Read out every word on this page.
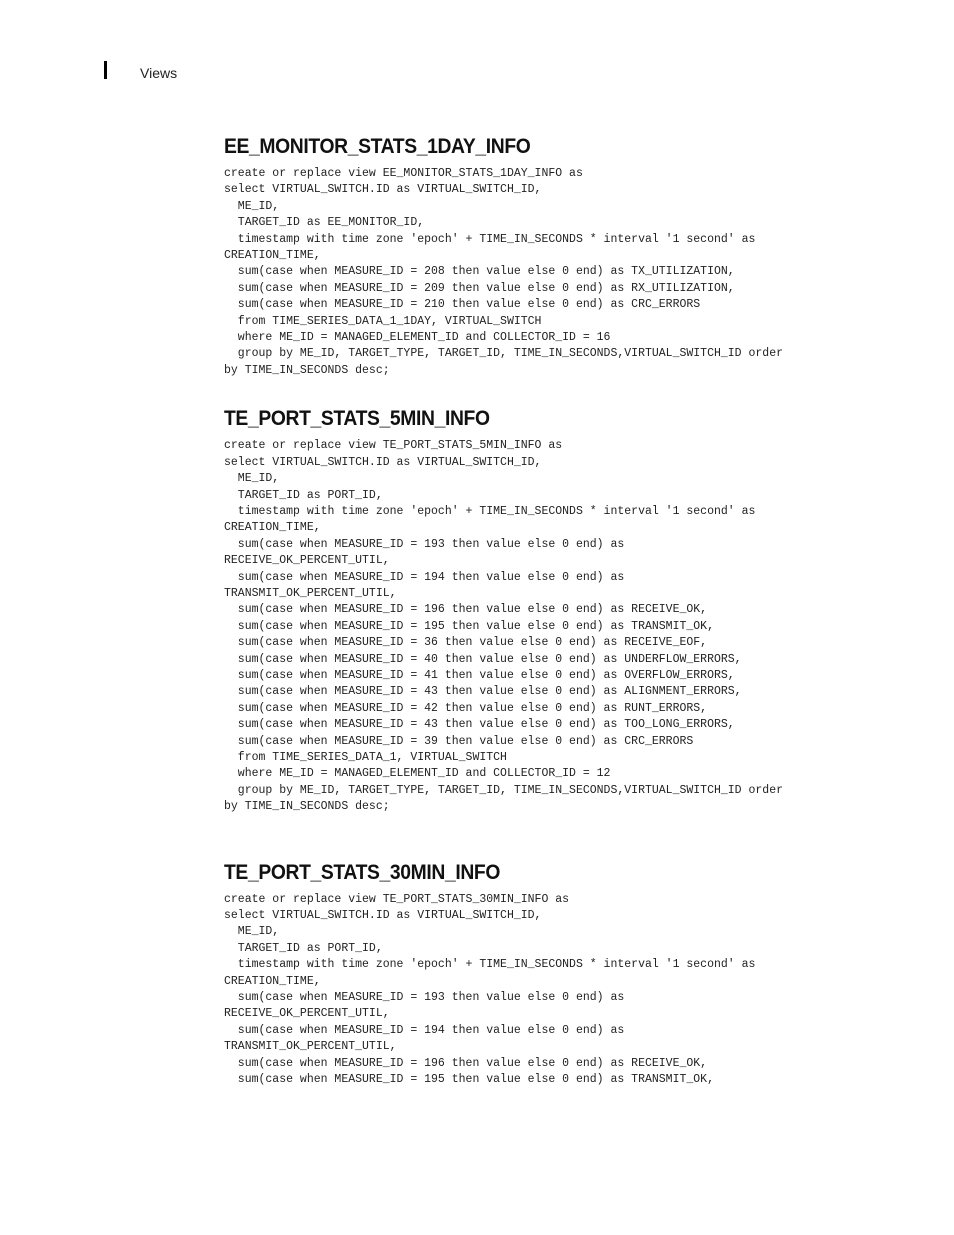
Views
EE_MONITOR_STATS_1DAY_INFO
create or replace view EE_MONITOR_STATS_1DAY_INFO as
select VIRTUAL_SWITCH.ID as VIRTUAL_SWITCH_ID,
ME_ID,
TARGET_ID as EE_MONITOR_ID,
timestamp with time zone 'epoch' + TIME_IN_SECONDS * interval '1 second' as
CREATION_TIME,
sum(case when MEASURE_ID = 208 then value else 0 end) as TX_UTILIZATION,
sum(case when MEASURE_ID = 209 then value else 0 end) as RX_UTILIZATION,
sum(case when MEASURE_ID = 210 then value else 0 end) as CRC_ERRORS
from TIME_SERIES_DATA_1_1DAY, VIRTUAL_SWITCH
where ME_ID = MANAGED_ELEMENT_ID and COLLECTOR_ID = 16
group by ME_ID, TARGET_TYPE, TARGET_ID, TIME_IN_SECONDS,VIRTUAL_SWITCH_ID order
by TIME_IN_SECONDS desc;
TE_PORT_STATS_5MIN_INFO
create or replace view TE_PORT_STATS_5MIN_INFO as
select VIRTUAL_SWITCH.ID as VIRTUAL_SWITCH_ID,
ME_ID,
TARGET_ID as PORT_ID,
timestamp with time zone 'epoch' + TIME_IN_SECONDS * interval '1 second' as
CREATION_TIME,
sum(case when MEASURE_ID = 193 then value else 0 end) as
RECEIVE_OK_PERCENT_UTIL,
sum(case when MEASURE_ID = 194 then value else 0 end) as
TRANSMIT_OK_PERCENT_UTIL,
sum(case when MEASURE_ID = 196 then value else 0 end) as RECEIVE_OK,
sum(case when MEASURE_ID = 195 then value else 0 end) as TRANSMIT_OK,
sum(case when MEASURE_ID = 36 then value else 0 end) as RECEIVE_EOF,
sum(case when MEASURE_ID = 40 then value else 0 end) as UNDERFLOW_ERRORS,
sum(case when MEASURE_ID = 41 then value else 0 end) as OVERFLOW_ERRORS,
sum(case when MEASURE_ID = 43 then value else 0 end) as ALIGNMENT_ERRORS,
sum(case when MEASURE_ID = 42 then value else 0 end) as RUNT_ERRORS,
sum(case when MEASURE_ID = 43 then value else 0 end) as TOO_LONG_ERRORS,
sum(case when MEASURE_ID = 39 then value else 0 end) as CRC_ERRORS
from TIME_SERIES_DATA_1, VIRTUAL_SWITCH
where ME_ID = MANAGED_ELEMENT_ID and COLLECTOR_ID = 12
group by ME_ID, TARGET_TYPE, TARGET_ID, TIME_IN_SECONDS,VIRTUAL_SWITCH_ID order
by TIME_IN_SECONDS desc;
TE_PORT_STATS_30MIN_INFO
create or replace view TE_PORT_STATS_30MIN_INFO as
select VIRTUAL_SWITCH.ID as VIRTUAL_SWITCH_ID,
ME_ID,
TARGET_ID as PORT_ID,
timestamp with time zone 'epoch' + TIME_IN_SECONDS * interval '1 second' as
CREATION_TIME,
sum(case when MEASURE_ID = 193 then value else 0 end) as
RECEIVE_OK_PERCENT_UTIL,
sum(case when MEASURE_ID = 194 then value else 0 end) as
TRANSMIT_OK_PERCENT_UTIL,
sum(case when MEASURE_ID = 196 then value else 0 end) as RECEIVE_OK,
sum(case when MEASURE_ID = 195 then value else 0 end) as TRANSMIT_OK,
